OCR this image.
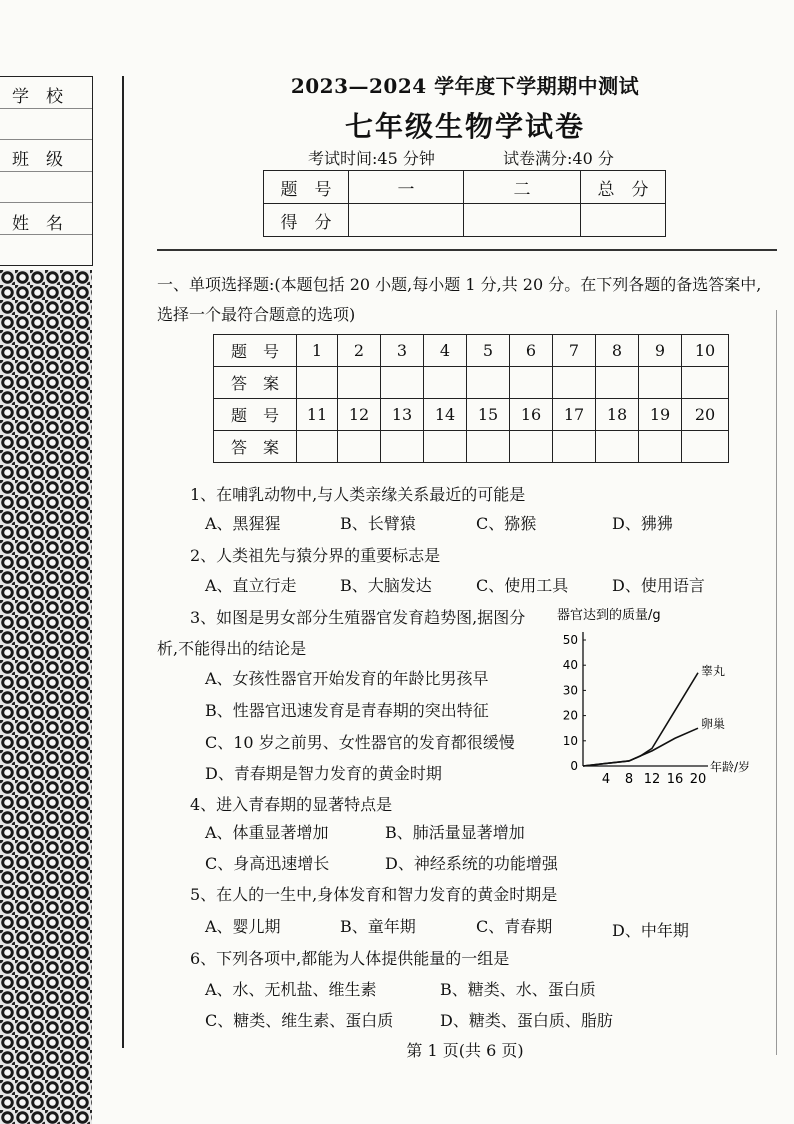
学　校
班　级
姓　名
2023—2024 学年度下学期期中测试
七年级生物学试卷
考试时间:45 分钟	试卷满分:40 分
题　号	一	二	总　分
得　分			
一、单项选择题:(本题包括 20 小题,每小题 1 分,共 20 分。在下列各题的备选答案中,
选择一个最符合题意的选项)
题　号	1	2	3	4	5	6	7	8	9	10
答　案										
题　号	11	12	13	14	15	16	17	18	19	20
答　案										
1、在哺乳动物中,与人类亲缘关系最近的可能是
A、黑猩猩	B、长臂猿	C、猕猴	D、狒狒
2、人类祖先与猿分界的重要标志是
A、直立行走	B、大脑发达	C、使用工具	D、使用语言
3、如图是男女部分生殖器官发育趋势图,据图分
析,不能得出的结论是
A、女孩性器官开始发育的年龄比男孩早
B、性器官迅速发育是青春期的突出特征
C、10 岁之前男、女性器官的发育都很缓慢
D、青春期是智力发育的黄金时期
4、进入青春期的显著特点是
A、体重显著增加	B、肺活量显著增加
C、身高迅速增长	D、神经系统的功能增强
5、在人的一生中,身体发育和智力发育的黄金时期是
A、婴儿期	B、童年期	C、青春期	D、中年期
6、下列各项中,都能为人体提供能量的一组是
A、水、无机盐、维生素	B、糖类、水、蛋白质
C、糖类、维生素、蛋白质	D、糖类、蛋白质、脂肪
器官达到的质量/g
0
10
20
30
40
50
4 8 12 16 20
睾丸
卵巢
年龄/岁
第 1 页(共 6 页)
